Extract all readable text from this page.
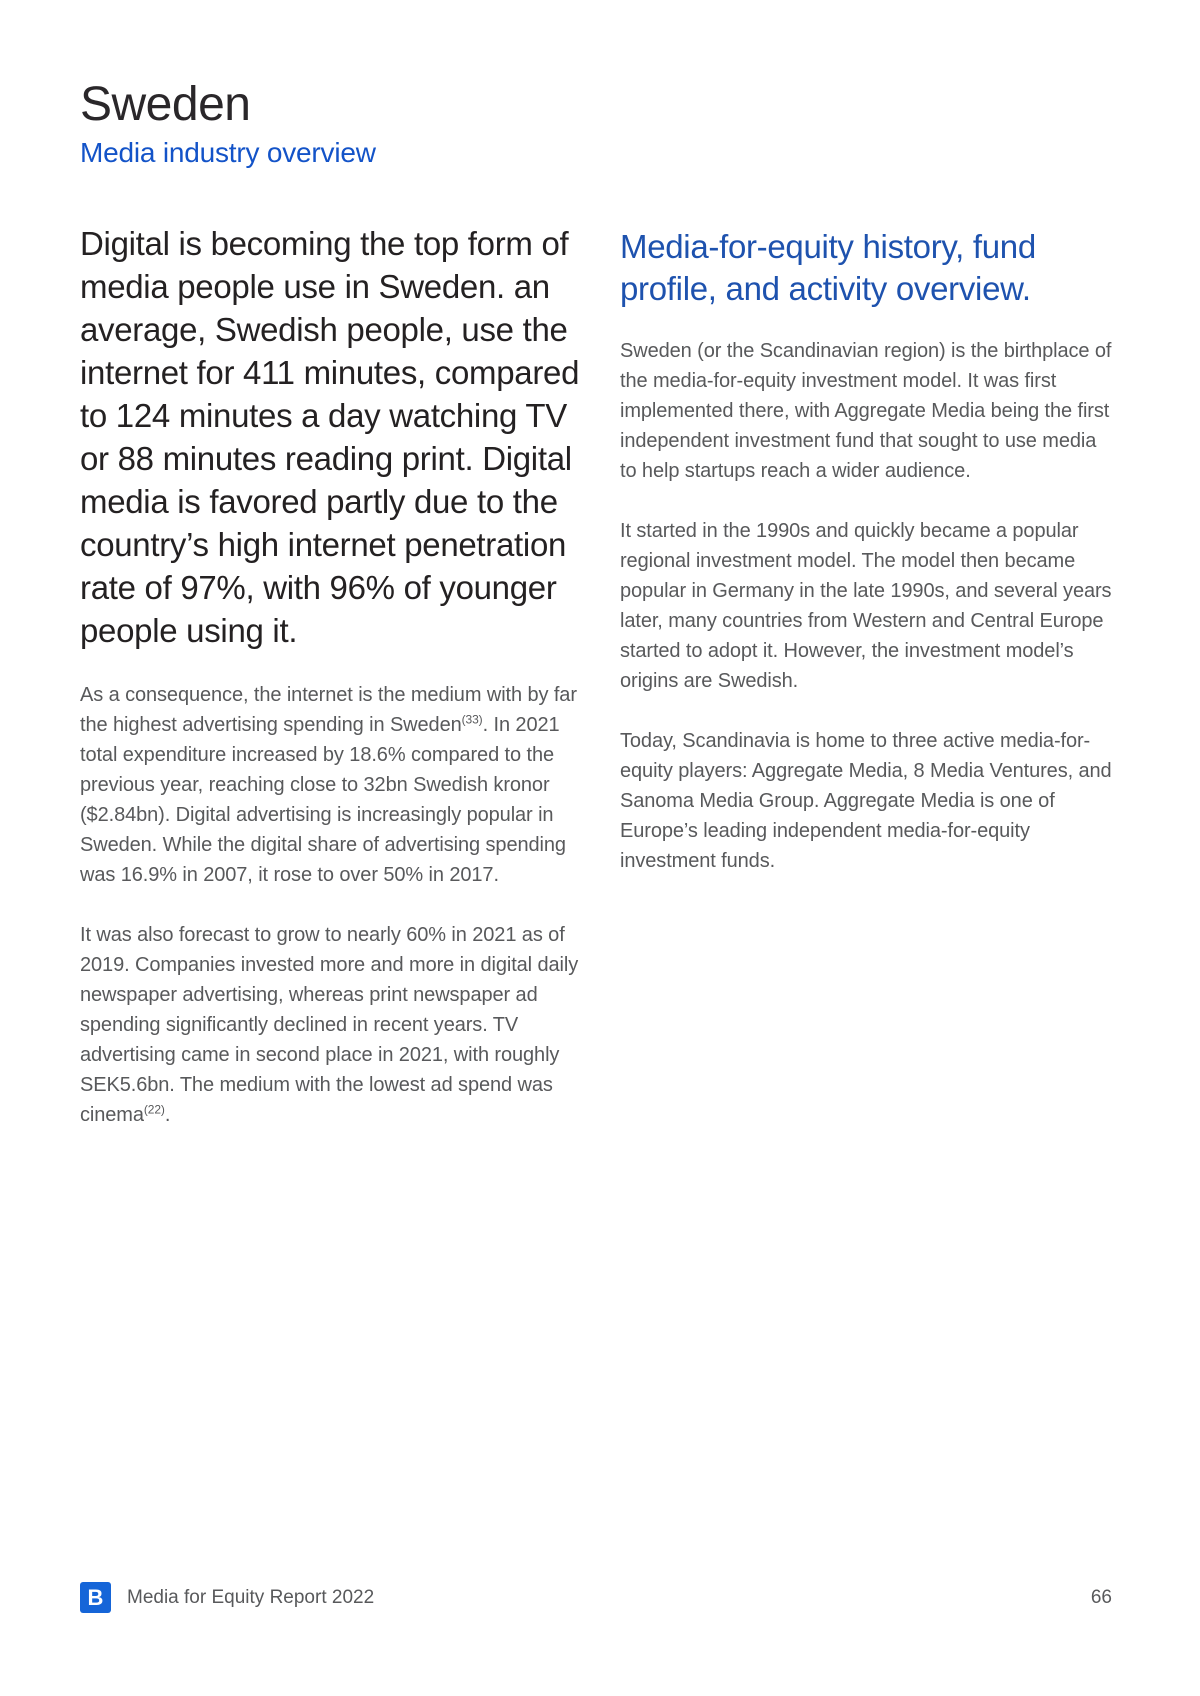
Sweden
Media industry overview

Digital is becoming the top form of media people use in Sweden. an average, Swedish people, use the internet for 411 minutes, compared to 124 minutes a day watching TV or 88 minutes reading print. Digital media is favored partly due to the country’s high internet penetration rate of 97%, with 96% of younger people using it.

As a consequence, the internet is the medium with by far the highest advertising spending in Sweden$^{(33)}$. In 2021 total expenditure increased by 18.6% compared to the previous year, reaching close to 32bn Swedish kronor ($2.84bn). Digital advertising is increasingly popular in Sweden. While the digital share of advertising spending was 16.9% in 2007, it rose to over 50% in 2017.

It was also forecast to grow to nearly 60% in 2021 as of 2019. Companies invested more and more in digital daily newspaper advertising, whereas print newspaper ad spending significantly declined in recent years. TV advertising came in second place in 2021, with roughly SEK5.6bn. The medium with the lowest ad spend was cinema$^{(22)}$.

Media-for-equity history, fund profile, and activity overview.

Sweden (or the Scandinavian region) is the birthplace of the media-for-equity investment model. It was first implemented there, with Aggregate Media being the first independent investment fund that sought to use media to help startups reach a wider audience.

It started in the 1990s and quickly became a popular regional investment model. The model then became popular in Germany in the late 1990s, and several years later, many countries from Western and Central Europe started to adopt it. However, the investment model’s origins are Swedish.

Today, Scandinavia is home to three active media-for-equity players: Aggregate Media, 8 Media Ventures, and Sanoma Media Group. Aggregate Media is one of Europe’s leading independent media-for-equity investment funds.

B Media for Equity Report 2022	66
